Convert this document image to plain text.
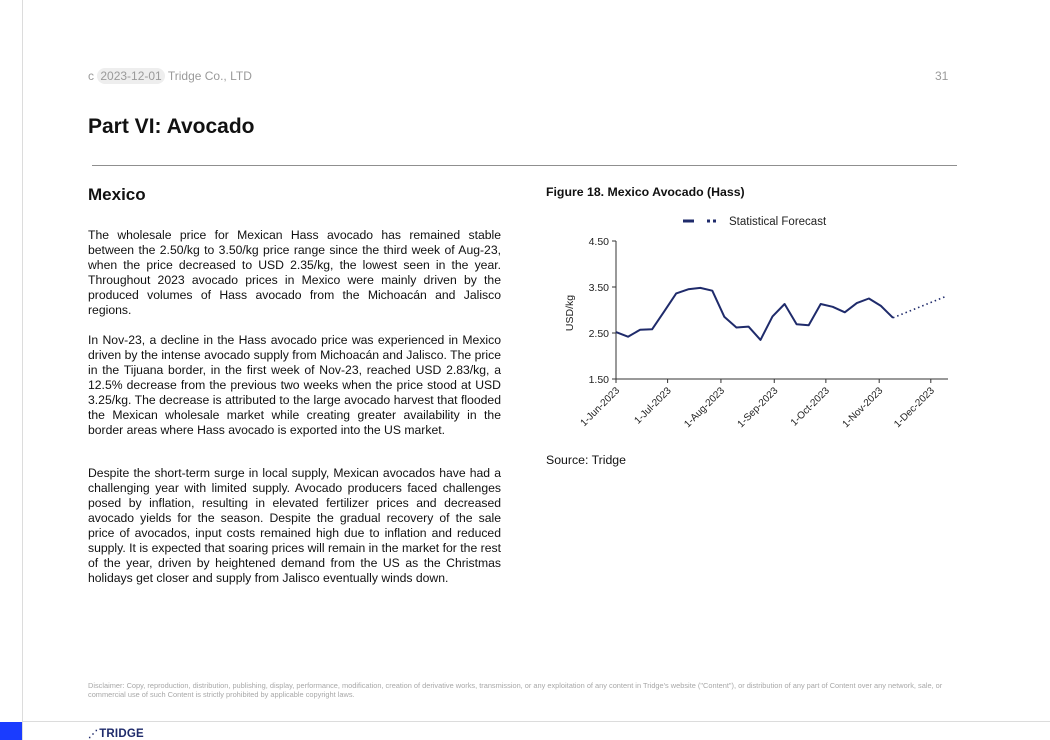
c 2023-12-01 Tridge Co., LTD	31
Part VI: Avocado
Mexico

The wholesale price for Mexican Hass avocado has remained stable between the 2.50/kg to 3.50/kg price range since the third week of Aug-23, when the price decreased to USD 2.35/kg, the lowest seen in the year. Throughout 2023 avocado prices in Mexico were mainly driven by the produced volumes of Hass avocado from the Michoacán and Jalisco regions.

In Nov-23, a decline in the Hass avocado price was experienced in Mexico driven by the intense avocado supply from Michoacán and Jalisco. The price in the Tijuana border, in the first week of Nov-23, reached USD 2.83/kg, a 12.5% decrease from the previous two weeks when the price stood at USD 3.25/kg. The decrease is attributed to the large avocado harvest that flooded the Mexican wholesale market while creating greater availability in the border areas where Hass avocado is exported into the US market.

Despite the short-term surge in local supply, Mexican avocados have had a challenging year with limited supply. Avocado producers faced challenges posed by inflation, resulting in elevated fertilizer prices and decreased avocado yields for the season. Despite the gradual recovery of the sale price of avocados, input costs remained high due to inflation and reduced supply. It is expected that soaring prices will remain in the market for the rest of the year, driven by heightened demand from the US as the Christmas holidays get closer and supply from Jalisco eventually winds down.

Figure 18. Mexico Avocado (Hass)
4.50
3.50
2.50
1.50
1-Jun-2023 1-Jul-2023 1-Aug-2023 1-Sep-2023 1-Oct-2023 1-Nov-2023 1-Dec-2023
USD/kg
Statistical Forecast

Source: Tridge

Disclaimer: Copy, reproduction, distribution, publishing, display, performance, modification, creation of derivative works, transmission, or any exploitation of any content in Tridge's website ("Content"), or distribution of any part of Content over any network, sale, or commercial use of such Content is strictly prohibited by applicable copyright laws.

⋰TRIDGE
